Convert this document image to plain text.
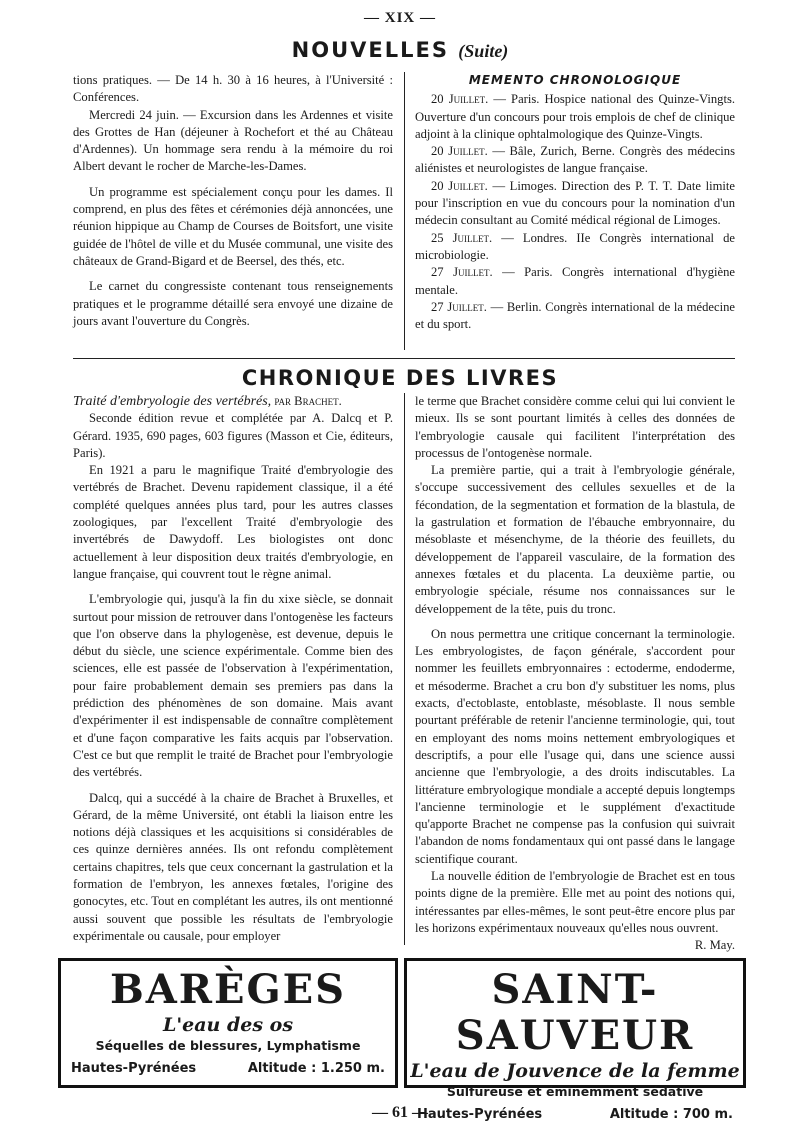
— XIX —
NOUVELLES (Suite)

tions pratiques. — De 14 h. 30 à 16 heures, à l'Université : Conférences.

Mercredi 24 juin. — Excursion dans les Ardennes et visite des Grottes de Han (déjeuner à Rochefort et thé au Château d'Ardennes). Un hommage sera rendu à la mémoire du roi Albert devant le rocher de Marche-les-Dames.

Un programme est spécialement conçu pour les dames. Il comprend, en plus des fêtes et cérémonies déjà annoncées, une réunion hippique au Champ de Courses de Boitsfort, une visite guidée de l'hôtel de ville et du Musée communal, une visite des châteaux de Grand-Bigard et de Beersel, des thés, etc.

Le carnet du congressiste contenant tous renseignements pratiques et le programme détaillé sera envoyé une dizaine de jours avant l'ouverture du Congrès.

MEMENTO CHRONOLOGIQUE

20 Juillet. — Paris. Hospice national des Quinze-Vingts. Ouverture d'un concours pour trois emplois de chef de clinique adjoint à la clinique ophtalmologique des Quinze-Vingts.

20 Juillet. — Bâle, Zurich, Berne. Congrès des médecins aliénistes et neurologistes de langue française.

20 Juillet. — Limoges. Direction des P. T. T. Date limite pour l'inscription en vue du concours pour la nomination d'un médecin consultant au Comité médical régional de Limoges.

25 Juillet. — Londres. IIe Congrès international de microbiologie.

27 Juillet. — Paris. Congrès international d'hygiène mentale.

27 Juillet. — Berlin. Congrès international de la médecine et du sport.

CHRONIQUE DES LIVRES

Traité d'embryologie des vertébrés, par Brachet.

Seconde édition revue et complétée par A. Dalcq et P. Gérard. 1935, 690 pages, 603 figures (Masson et Cie, éditeurs, Paris).

En 1921 a paru le magnifique Traité d'embryologie des vertébrés de Brachet. Devenu rapidement classique, il a été complété quelques années plus tard, pour les autres classes zoologiques, par l'excellent Traité d'embryologie des invertébrés de Dawydoff. Les biologistes ont donc actuellement à leur disposition deux traités d'embryologie, en langue française, qui couvrent tout le règne animal.

L'embryologie qui, jusqu'à la fin du xixe siècle, se donnait surtout pour mission de retrouver dans l'ontogenèse les facteurs que l'on observe dans la phylogenèse, est devenue, depuis le début du siècle, une science expérimentale. Comme bien des sciences, elle est passée de l'observation à l'expérimentation, pour faire probablement demain ses premiers pas dans la prédiction des phénomènes de son domaine. Mais avant d'expérimenter il est indispensable de connaître complètement et d'une façon comparative les faits acquis par l'observation. C'est ce but que remplit le traité de Brachet pour l'embryologie des vertébrés.

Dalcq, qui a succédé à la chaire de Brachet à Bruxelles, et Gérard, de la même Université, ont établi la liaison entre les notions déjà classiques et les acquisitions si considérables de ces quinze dernières années. Ils ont refondu complètement certains chapitres, tels que ceux concernant la gastrulation et la formation de l'embryon, les annexes fœtales, l'origine des gonocytes, etc. Tout en complétant les autres, ils ont mentionné aussi souvent que possible les résultats de l'embryologie expérimentale ou causale, pour employer

le terme que Brachet considère comme celui qui lui convient le mieux. Ils se sont pourtant limités à celles des données de l'embryologie causale qui facilitent l'interprétation des processus de l'ontogenèse normale.

La première partie, qui a trait à l'embryologie générale, s'occupe successivement des cellules sexuelles et de la fécondation, de la segmentation et formation de la blastula, de la gastrulation et formation de l'ébauche embryonnaire, du mésoblaste et mésenchyme, de la théorie des feuillets, du développement de l'appareil vasculaire, de la formation des annexes fœtales et du placenta. La deuxième partie, ou embryologie spéciale, résume nos connaissances sur le développement de la tête, puis du tronc.

On nous permettra une critique concernant la terminologie. Les embryologistes, de façon générale, s'accordent pour nommer les feuillets embryonnaires : ectoderme, endoderme, et mésoderme. Brachet a cru bon d'y substituer les noms, plus exacts, d'ectoblaste, entoblaste, mésoblaste. Il nous semble pourtant préférable de retenir l'ancienne terminologie, qui, tout en employant des noms moins nettement embryologiques et descriptifs, a pour elle l'usage qui, dans une science aussi ancienne que l'embryologie, a des droits indiscutables. La littérature embryologique mondiale a accepté depuis longtemps l'ancienne terminologie et le supplément d'exactitude qu'apporte Brachet ne compense pas la confusion qui suivrait l'abandon de noms fondamentaux qui ont passé dans le langage scientifique courant.

La nouvelle édition de l'embryologie de Brachet est en tous points digne de la première. Elle met au point des notions qui, intéressantes par elles-mêmes, le sont peut-être encore plus par les horizons expérimentaux nouveaux qu'elles nous ouvrent.

R. May.

BARÈGES
L'eau des os
Séquelles de blessures, Lymphatisme
Hautes-Pyrénées	Altitude : 1.250 m.
SAINT-SAUVEUR
L'eau de Jouvence de la femme
Sulfureuse et éminemment sédative
Hautes-Pyrénées	Altitude : 700 m.
— 61 —
